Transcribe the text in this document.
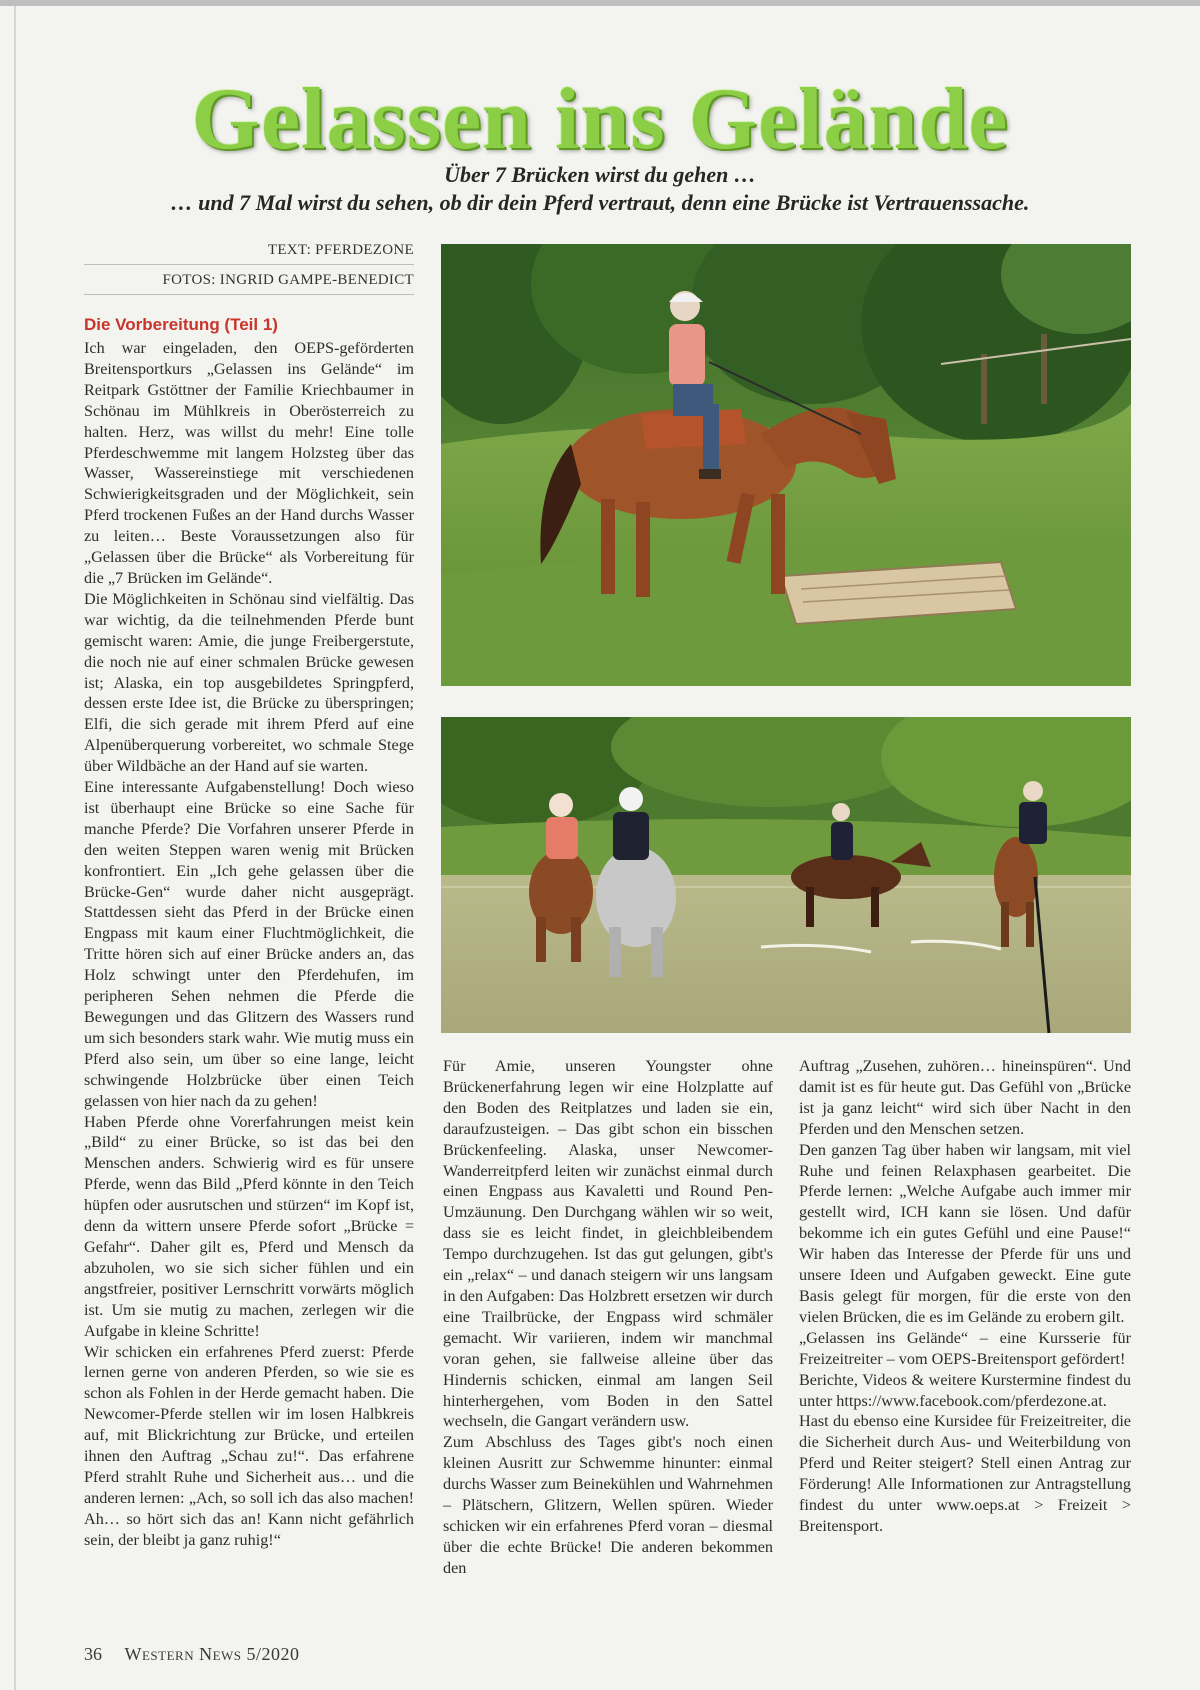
Gelassen ins Gelände
Über 7 Brücken wirst du gehen …
… und 7 Mal wirst du sehen, ob dir dein Pferd vertraut, denn eine Brücke ist Vertrauenssache.
TEXT: PFERDEZONE
FOTOS: INGRID GAMPE-BENEDICT
Die Vorbereitung (Teil 1)

Ich war eingeladen, den OEPS-geförderten Breitensportkurs „Gelassen ins Gelände“ im Reitpark Gstöttner der Familie Kriechbaumer in Schönau im Mühlkreis in Oberösterreich zu halten. Herz, was willst du mehr! Eine tolle Pferdeschwemme mit langem Holzsteg über das Wasser, Wassereinstiege mit verschiedenen Schwierigkeitsgraden und der Möglichkeit, sein Pferd trockenen Fußes an der Hand durchs Wasser zu leiten… Beste Voraussetzungen also für „Gelassen über die Brücke“ als Vorbereitung für die „7 Brücken im Gelände“.

Die Möglichkeiten in Schönau sind vielfältig. Das war wichtig, da die teilnehmenden Pferde bunt gemischt waren: Amie, die junge Freibergerstute, die noch nie auf einer schmalen Brücke gewesen ist; Alaska, ein top ausgebildetes Springpferd, dessen erste Idee ist, die Brücke zu überspringen; Elfi, die sich gerade mit ihrem Pferd auf eine Alpenüberquerung vorbereitet, wo schmale Stege über Wildbäche an der Hand auf sie warten.

Eine interessante Aufgabenstellung! Doch wieso ist überhaupt eine Brücke so eine Sache für manche Pferde? Die Vorfahren unserer Pferde in den weiten Steppen waren wenig mit Brücken konfrontiert. Ein „Ich gehe gelassen über die Brücke-Gen“ wurde daher nicht ausgeprägt. Stattdessen sieht das Pferd in der Brücke einen Engpass mit kaum einer Fluchtmöglichkeit, die Tritte hören sich auf einer Brücke anders an, das Holz schwingt unter den Pferdehufen, im peripheren Sehen nehmen die Pferde die Bewegungen und das Glitzern des Wassers rund um sich besonders stark wahr. Wie mutig muss ein Pferd also sein, um über so eine lange, leicht schwingende Holzbrücke über einen Teich gelassen von hier nach da zu gehen!

Haben Pferde ohne Vorerfahrungen meist kein „Bild“ zu einer Brücke, so ist das bei den Menschen anders. Schwierig wird es für unsere Pferde, wenn das Bild „Pferd könnte in den Teich hüpfen oder ausrutschen und stürzen“ im Kopf ist, denn da wittern unsere Pferde sofort „Brücke = Gefahr“. Daher gilt es, Pferd und Mensch da abzuholen, wo sie sich sicher fühlen und ein angstfreier, positiver Lernschritt vorwärts möglich ist. Um sie mutig zu machen, zerlegen wir die Aufgabe in kleine Schritte!

Wir schicken ein erfahrenes Pferd zuerst: Pferde lernen gerne von anderen Pferden, so wie sie es schon als Fohlen in der Herde gemacht haben. Die Newcomer-Pferde stellen wir im losen Halbkreis auf, mit Blickrichtung zur Brücke, und erteilen ihnen den Auftrag „Schau zu!“. Das erfahrene Pferd strahlt Ruhe und Sicherheit aus… und die anderen lernen: „Ach, so soll ich das also machen! Ah… so hört sich das an! Kann nicht gefährlich sein, der bleibt ja ganz ruhig!“

Für Amie, unseren Youngster ohne Brückenerfahrung legen wir eine Holzplatte auf den Boden des Reitplatzes und laden sie ein, daraufzusteigen. – Das gibt schon ein bisschen Brückenfeeling. Alaska, unser Newcomer-Wanderreitpferd leiten wir zunächst einmal durch einen Engpass aus Kavaletti und Round Pen-Umzäunung. Den Durchgang wählen wir so weit, dass sie es leicht findet, in gleichbleibendem Tempo durchzugehen. Ist das gut gelungen, gibt's ein „relax“ – und danach steigern wir uns langsam in den Aufgaben: Das Holzbrett ersetzen wir durch eine Trailbrücke, der Engpass wird schmäler gemacht. Wir variieren, indem wir manchmal voran gehen, sie fallweise alleine über das Hindernis schicken, einmal am langen Seil hinterhergehen, vom Boden in den Sattel wechseln, die Gangart verändern usw.

Zum Abschluss des Tages gibt's noch einen kleinen Ausritt zur Schwemme hinunter: einmal durchs Wasser zum Beinekühlen und Wahrnehmen – Plätschern, Glitzern, Wellen spüren. Wieder schicken wir ein erfahrenes Pferd voran – diesmal über die echte Brücke! Die anderen bekommen den

Auftrag „Zusehen, zuhören… hineinspüren“. Und damit ist es für heute gut. Das Gefühl von „Brücke ist ja ganz leicht“ wird sich über Nacht in den Pferden und den Menschen setzen.

Den ganzen Tag über haben wir langsam, mit viel Ruhe und feinen Relaxphasen gearbeitet. Die Pferde lernen: „Welche Aufgabe auch immer mir gestellt wird, ICH kann sie lösen. Und dafür bekomme ich ein gutes Gefühl und eine Pause!“ Wir haben das Interesse der Pferde für uns und unsere Ideen und Aufgaben geweckt. Eine gute Basis gelegt für morgen, für die erste von den vielen Brücken, die es im Gelände zu erobern gilt.

„Gelassen ins Gelände“ – eine Kursserie für Freizeitreiter – vom OEPS-Breitensport gefördert!

Berichte, Videos & weitere Kurstermine findest du unter https://www.facebook.com/pferdezone.at.

Hast du ebenso eine Kursidee für Freizeitreiter, die die Sicherheit durch Aus- und Weiterbildung von Pferd und Reiter steigert? Stell einen Antrag zur Förderung! Alle Informationen zur Antragstellung findest du unter www.oeps.at > Freizeit > Breitensport.

36 Western News 5/2020
